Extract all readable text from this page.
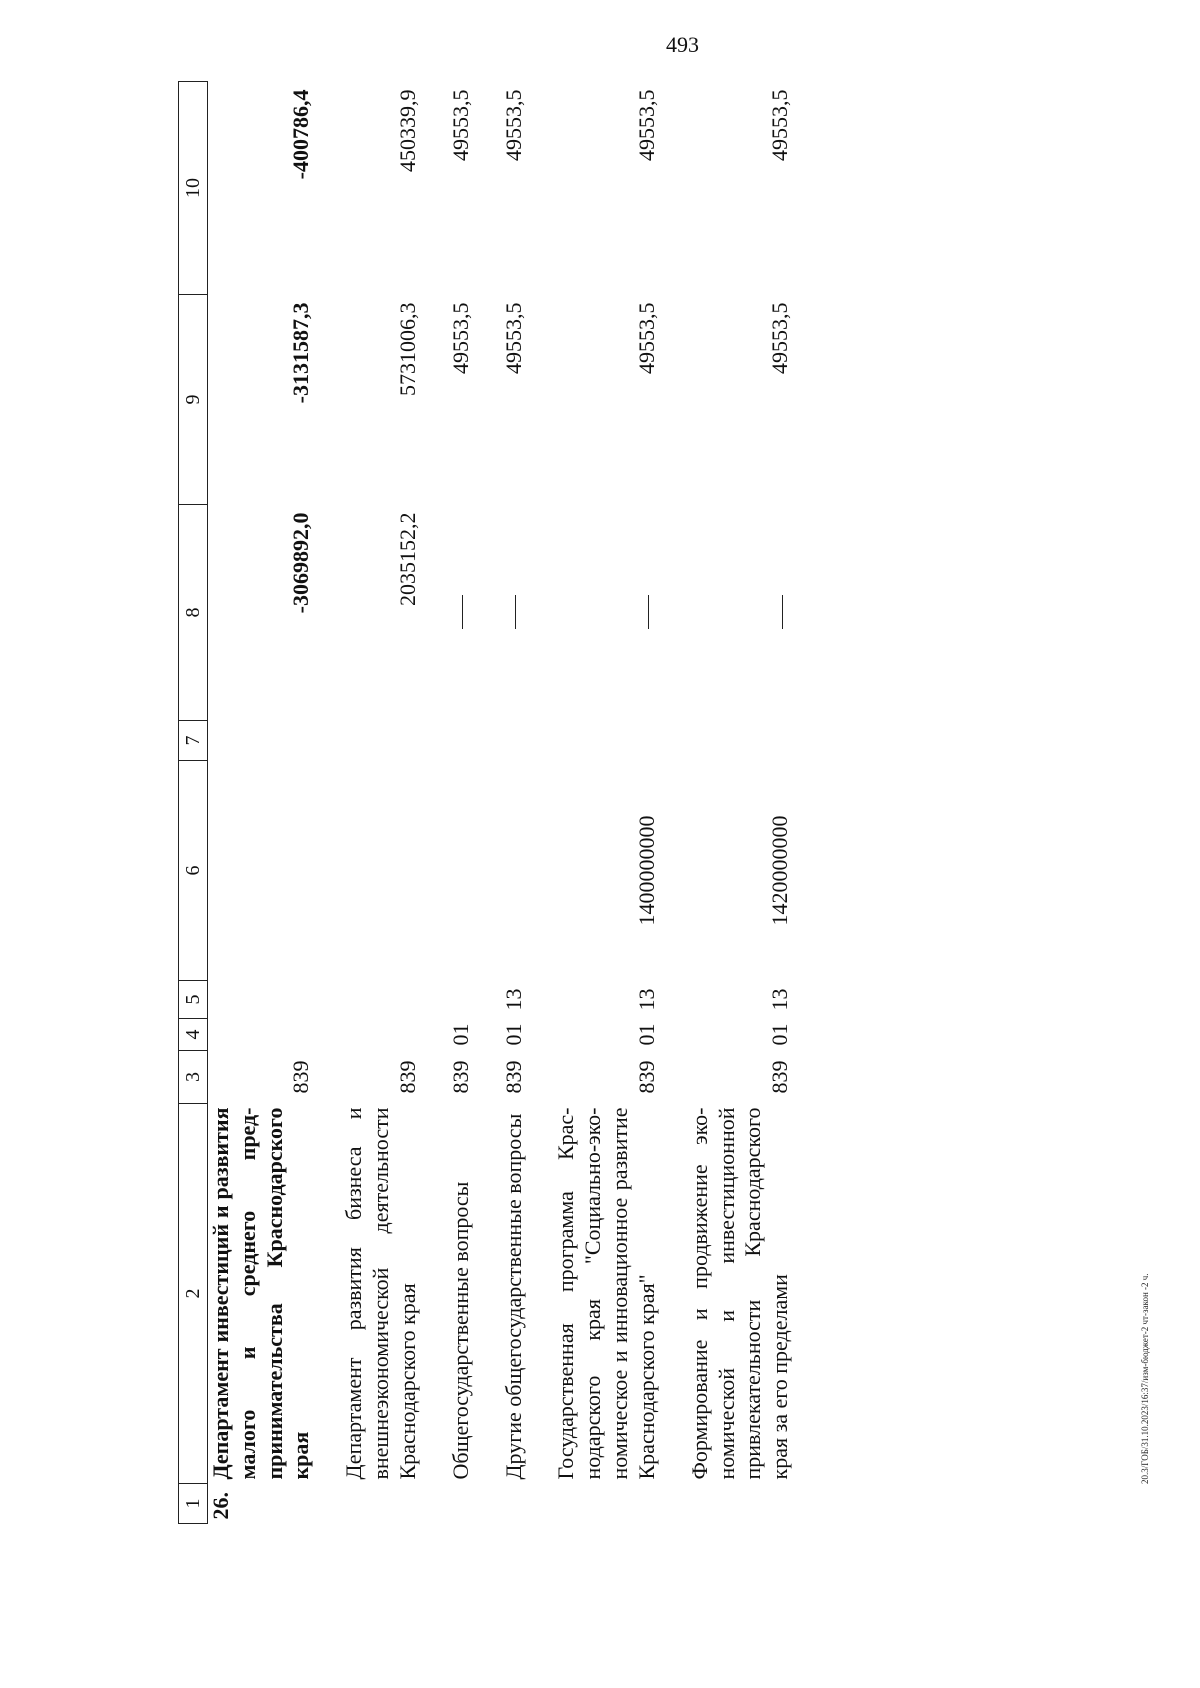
493
1	2	3	4	5	6	7	8	9	10
26.	Департамент инвестиций и развития малого и среднего предпринимательства Краснодарского края	839					-3069892,0	-3131587,3	-400786,4

	Департамент развития бизнеса и внешнеэкономической деятельности Краснодарского края	839					2035152,2	5731006,3	450339,9

	Общегосударственные вопросы	839	01					49553,5	49553,5

	Другие общегосударственные вопросы	839	01	13				49553,5	49553,5

	Государственная программа Краснодарского края "Социально-экономическое и инновационное развитие Краснодарского края"	839	01	13	1400000000			49553,5	49553,5

	Формирование и продвижение экономической и инвестиционной привлекательности Краснодарского края за его пределами	839	01	13	1420000000			49553,5	49553,5
20.3/ГОБ/31.10.2023/16:37/изм-бюджет-2 чт-закон -2 ч.
